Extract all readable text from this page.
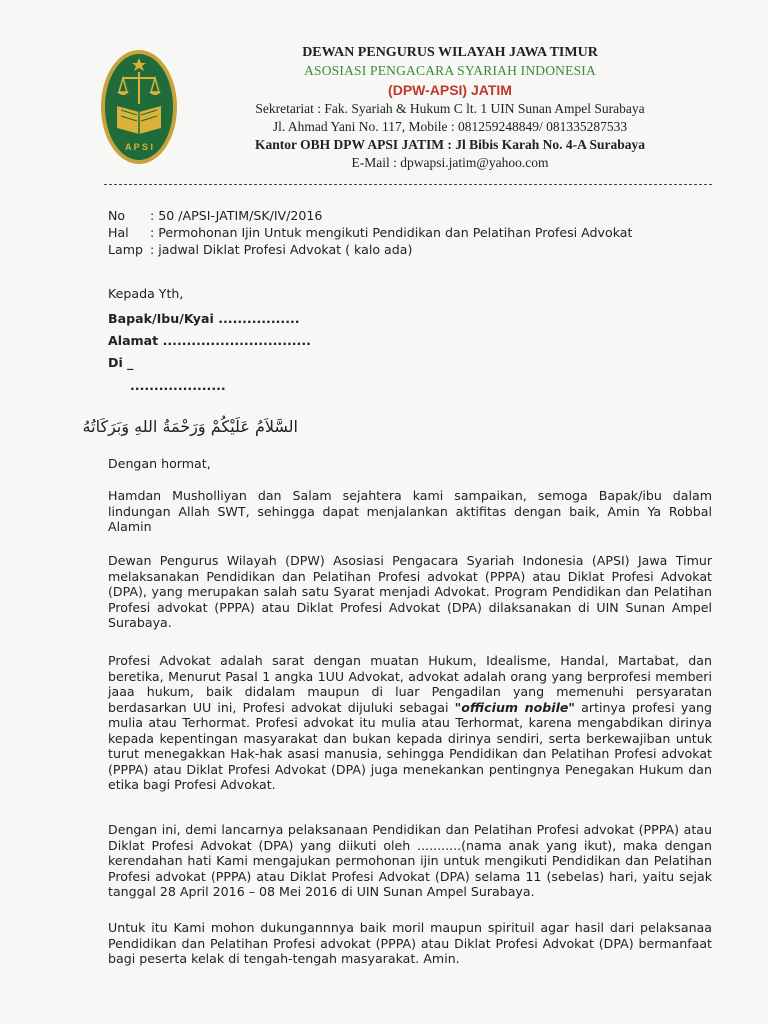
A P S I
DEWAN PENGURUS WILAYAH JAWA TIMUR
ASOSIASI PENGACARA SYARIAH INDONESIA
(DPW-APSI) JATIM
Sekretariat : Fak. Syariah & Hukum C lt. 1 UIN Sunan Ampel Surabaya
Jl. Ahmad Yani No. 117, Mobile : 081259248849/ 081335287533
Kantor OBH DPW APSI JATIM : Jl Bibis Karah No. 4-A Surabaya
E-Mail : dpwapsi.jatim@yahoo.com
No	: 50 /APSI-JATIM/SK/IV/2016
Hal	: Permohonan Ijin Untuk mengikuti Pendidikan dan Pelatihan Profesi Advokat
Lamp : jadwal Diklat Profesi Advokat ( kalo ada)
Kepada Yth,
Bapak/Ibu/Kyai .................
Alamat ...............................
Di _
....................
السَّلاَمُ عَلَيْكُمْ وَرَحْمَةُ اللهِ وَبَرَكَاتُهُ
Dengan hormat,
Hamdan Musholliyan dan Salam sejahtera kami sampaikan, semoga Bapak/ibu dalam lindungan Allah SWT, sehingga dapat menjalankan aktifitas dengan baik, Amin Ya Robbal Alamin
Dewan Pengurus Wilayah (DPW) Asosiasi Pengacara Syariah Indonesia (APSI) Jawa Timur melaksanakan Pendidikan dan Pelatihan Profesi advokat (PPPA) atau Diklat Profesi Advokat (DPA), yang merupakan salah satu Syarat menjadi Advokat. Program Pendidikan dan Pelatihan Profesi advokat (PPPA) atau Diklat Profesi Advokat (DPA) dilaksanakan di UIN Sunan Ampel Surabaya.
Profesi Advokat adalah sarat dengan muatan Hukum, Idealisme, Handal, Martabat, dan beretika, Menurut Pasal 1 angka 1UU Advokat, advokat adalah orang yang berprofesi memberi jaaa hukum, baik didalam maupun di luar Pengadilan yang memenuhi persyaratan berdasarkan UU ini, Profesi advokat dijuluki sebagai "officium nobile" artinya profesi yang mulia atau Terhormat. Profesi advokat itu mulia atau Terhormat, karena mengabdikan dirinya kepada kepentingan masyarakat dan bukan kepada dirinya sendiri, serta berkewajiban untuk turut menegakkan Hak-hak asasi manusia, sehingga Pendidikan dan Pelatihan Profesi advokat (PPPA) atau Diklat Profesi Advokat (DPA) juga menekankan pentingnya Penegakan Hukum dan etika bagi Profesi Advokat.
Dengan ini, demi lancarnya pelaksanaan Pendidikan dan Pelatihan Profesi advokat (PPPA) atau Diklat Profesi Advokat (DPA) yang diikuti oleh ...........(nama anak yang ikut), maka dengan kerendahan hati Kami mengajukan permohonan ijin untuk mengikuti Pendidikan dan Pelatihan Profesi advokat (PPPA) atau Diklat Profesi Advokat (DPA) selama 11 (sebelas) hari, yaitu sejak tanggal 28 April 2016 – 08 Mei 2016 di UIN Sunan Ampel Surabaya.
Untuk itu Kami mohon dukungannnya baik moril maupun spirituil agar hasil dari pelaksanaa Pendidikan dan Pelatihan Profesi advokat (PPPA) atau Diklat Profesi Advokat (DPA) bermanfaat bagi peserta kelak di tengah-tengah masyarakat. Amin.
